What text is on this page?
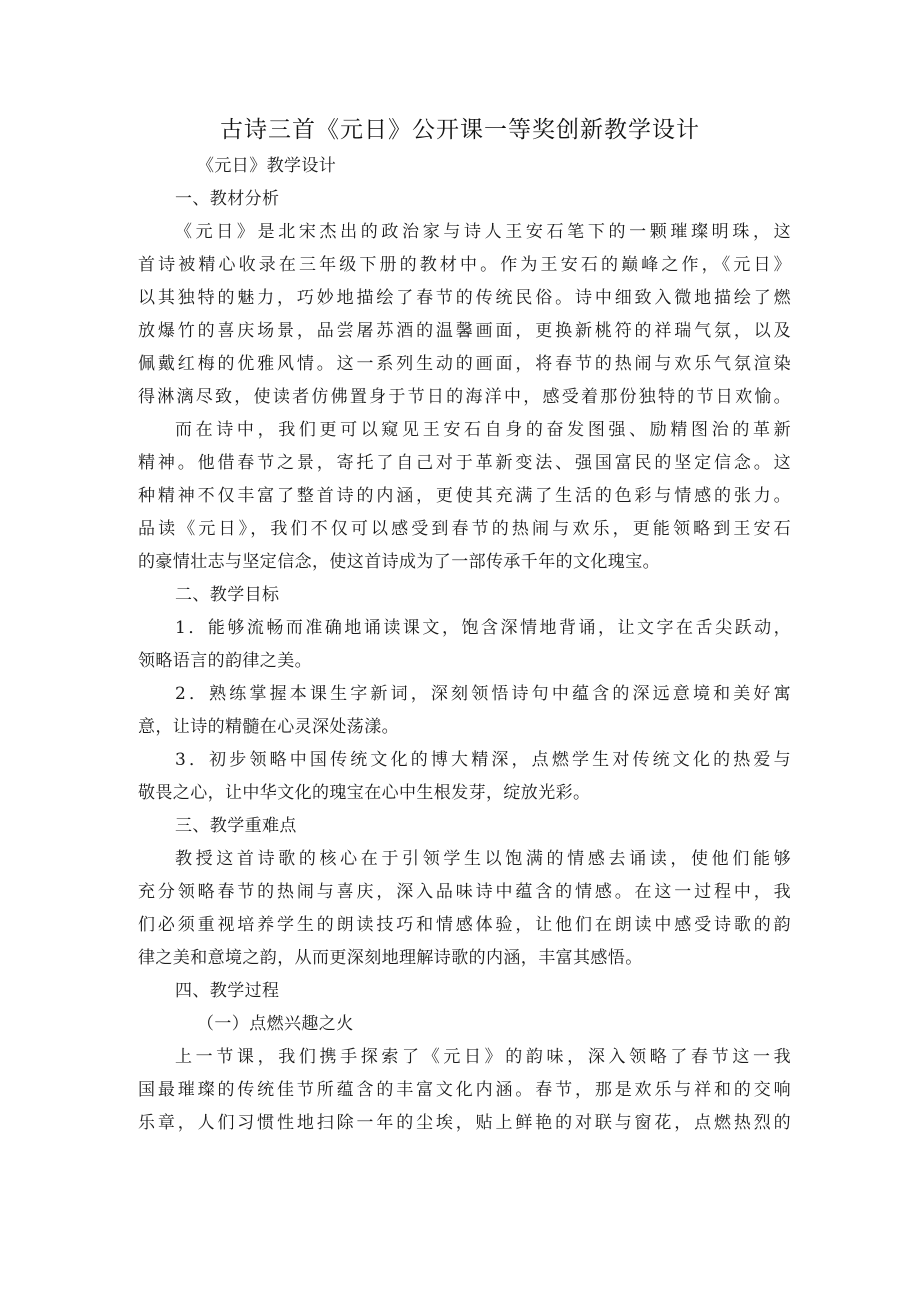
古诗三首《元日》公开课一等奖创新教学设计
《元日》教学设计
一、教材分析
《元日》是北宋杰出的政治家与诗人王安石笔下的一颗璀璨明珠，这
首诗被精心收录在三年级下册的教材中。作为王安石的巅峰之作，《元日》
以其独特的魅力，巧妙地描绘了春节的传统民俗。诗中细致入微地描绘了燃
放爆竹的喜庆场景，品尝屠苏酒的温馨画面，更换新桃符的祥瑞气氛，以及
佩戴红梅的优雅风情。这一系列生动的画面，将春节的热闹与欢乐气氛渲染
得淋漓尽致，使读者仿佛置身于节日的海洋中，感受着那份独特的节日欢愉。
而在诗中，我们更可以窥见王安石自身的奋发图强、励精图治的革新
精神。他借春节之景，寄托了自己对于革新变法、强国富民的坚定信念。这
种精神不仅丰富了整首诗的内涵，更使其充满了生活的色彩与情感的张力。
品读《元日》，我们不仅可以感受到春节的热闹与欢乐，更能领略到王安石
的豪情壮志与坚定信念，使这首诗成为了一部传承千年的文化瑰宝。
二、教学目标
1．能够流畅而准确地诵读课文，饱含深情地背诵，让文字在舌尖跃动，
领略语言的韵律之美。
2．熟练掌握本课生字新词，深刻领悟诗句中蕴含的深远意境和美好寓
意，让诗的精髓在心灵深处荡漾。
3．初步领略中国传统文化的博大精深，点燃学生对传统文化的热爱与
敬畏之心，让中华文化的瑰宝在心中生根发芽，绽放光彩。
三、教学重难点
教授这首诗歌的核心在于引领学生以饱满的情感去诵读，使他们能够
充分领略春节的热闹与喜庆，深入品味诗中蕴含的情感。在这一过程中，我
们必须重视培养学生的朗读技巧和情感体验，让他们在朗读中感受诗歌的韵
律之美和意境之韵，从而更深刻地理解诗歌的内涵，丰富其感悟。
四、教学过程
（一）点燃兴趣之火
上一节课，我们携手探索了《元日》的韵味，深入领略了春节这一我
国最璀璨的传统佳节所蕴含的丰富文化内涵。春节，那是欢乐与祥和的交响
乐章，人们习惯性地扫除一年的尘埃，贴上鲜艳的对联与窗花，点燃热烈的
